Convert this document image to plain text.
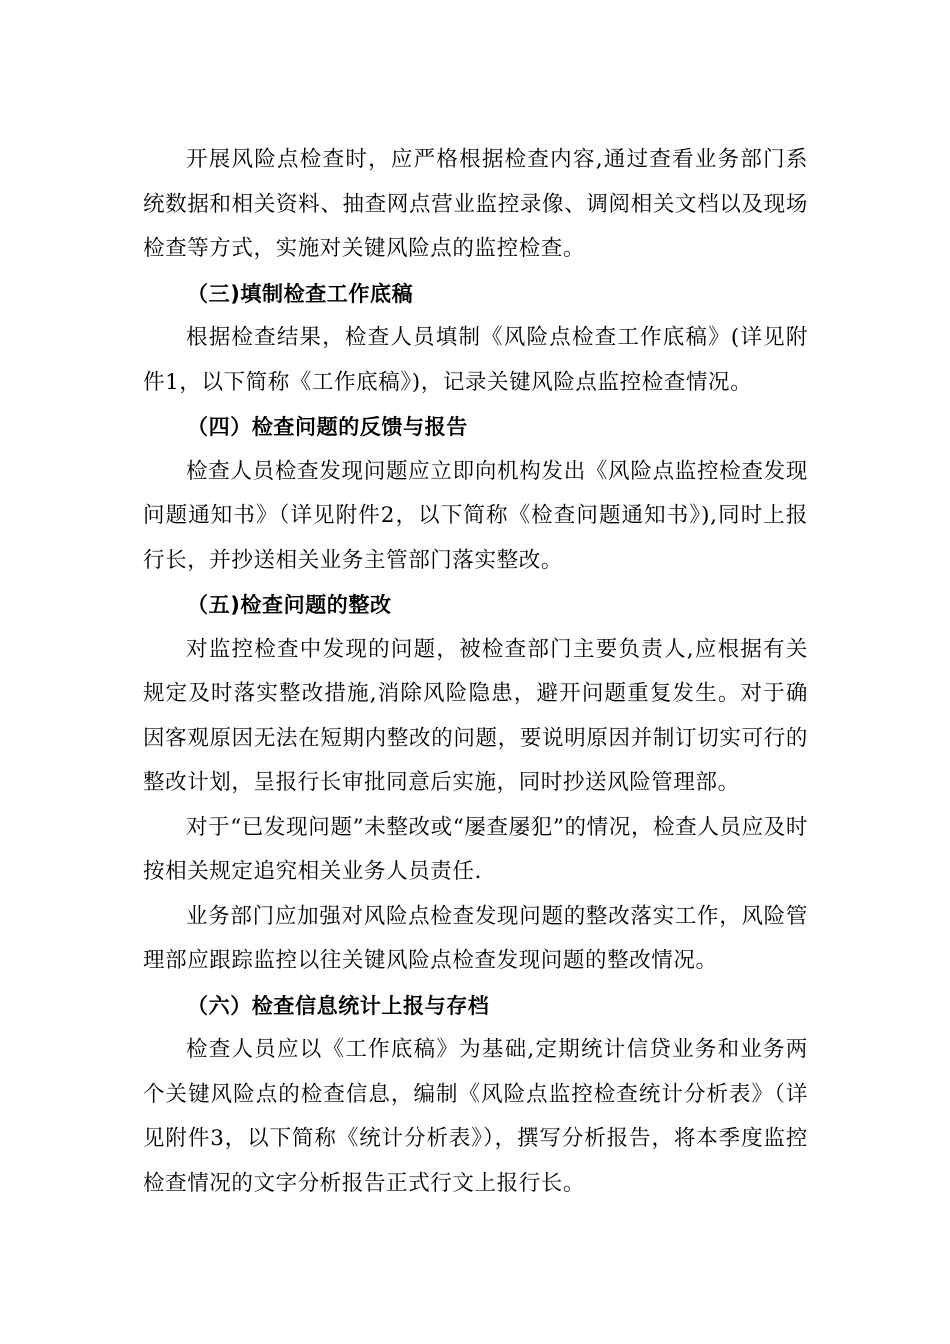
开展风险点检查时，应严格根据检查内容,通过查看业务部门系统数据和相关资料、抽查网点营业监控录像、调阅相关文档以及现场检查等方式，实施对关键风险点的监控检查。

（三)填制检查工作底稿

根据检查结果，检查人员填制《风险点检查工作底稿》(详见附件1，以下简称《工作底稿》)，记录关键风险点监控检查情况。

（四）检查问题的反馈与报告

检查人员检查发现问题应立即向机构发出《风险点监控检查发现问题通知书》（详见附件2，以下简称《检查问题通知书》),同时上报行长，并抄送相关业务主管部门落实整改。

（五)检查问题的整改

对监控检查中发现的问题，被检查部门主要负责人,应根据有关规定及时落实整改措施,消除风险隐患，避开问题重复发生。对于确因客观原因无法在短期内整改的问题，要说明原因并制订切实可行的整改计划，呈报行长审批同意后实施，同时抄送风险管理部。

对于“已发现问题”未整改或“屡查屡犯”的情况，检查人员应及时按相关规定追究相关业务人员责任.

业务部门应加强对风险点检查发现问题的整改落实工作，风险管理部应跟踪监控以往关键风险点检查发现问题的整改情况。

（六）检查信息统计上报与存档

检查人员应以《工作底稿》为基础,定期统计信贷业务和业务两个关键风险点的检查信息，编制《风险点监控检查统计分析表》（详见附件3，以下简称《统计分析表》），撰写分析报告，将本季度监控检查情况的文字分析报告正式行文上报行长。
